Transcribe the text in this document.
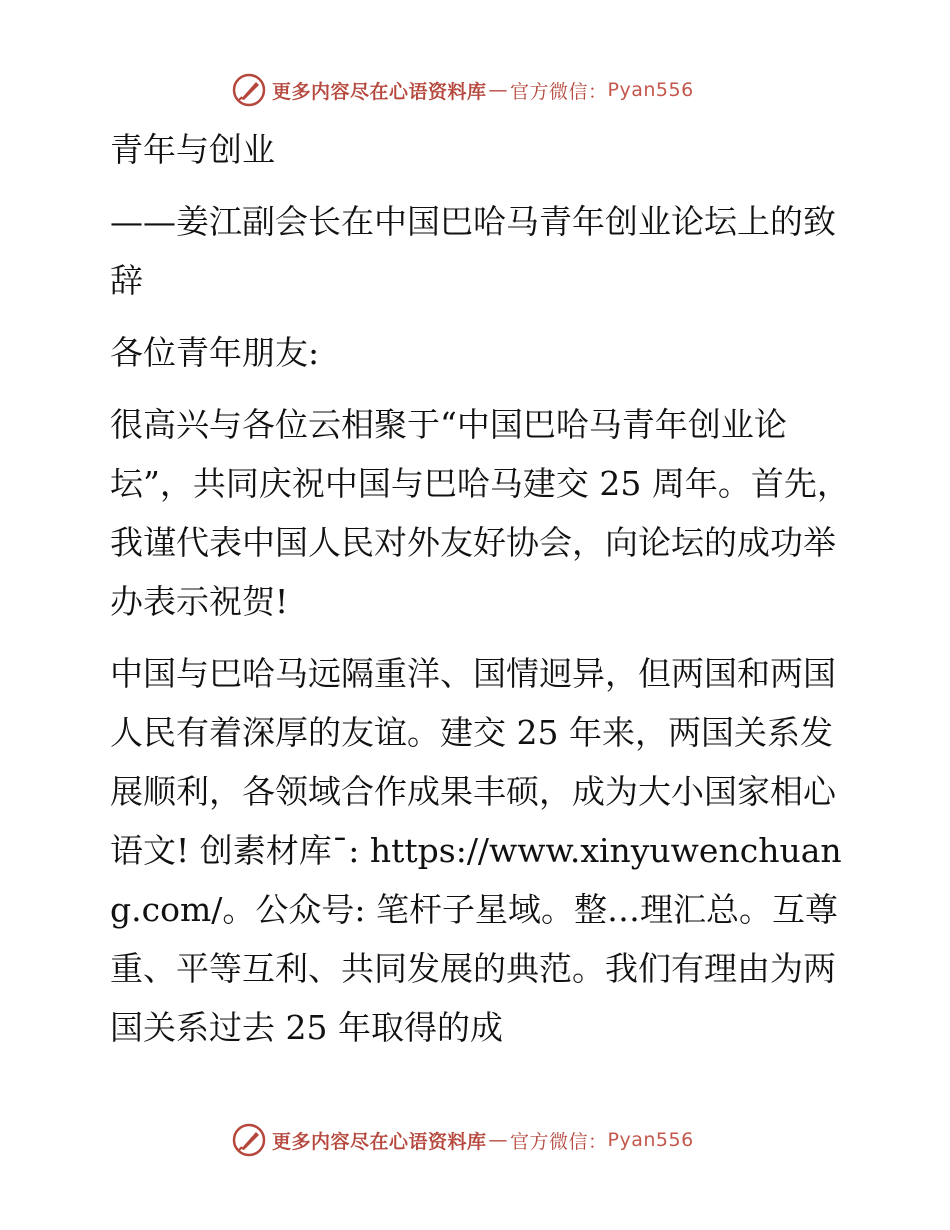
更多内容尽在心语资料库 — 官方微信： Pyan556

青年与创业

——姜江副会长在中国巴哈马青年创业论坛上的致辞

各位青年朋友:

很高兴与各位云相聚于“中国巴哈马青年创业论坛”，共同庆祝中国与巴哈马建交 25 周年。首先，我谨代表中国人民对外友好协会，向论坛的成功举办表示祝贺!

中国与巴哈马远隔重洋、国情迥异，但两国和两国人民有着深厚的友谊。建交 25 年来，两国关系发展顺利，各领域合作成果丰硕，成为大小国家相心语文! 创素材库¯: https://www.xinyuwenchuang.com/。公众号: 笔杆子星域。整…理汇总。互尊重、平等互利、共同发展的典范。我们有理由为两国关系过去 25 年取得的成

更多内容尽在心语资料库 — 官方微信： Pyan556
